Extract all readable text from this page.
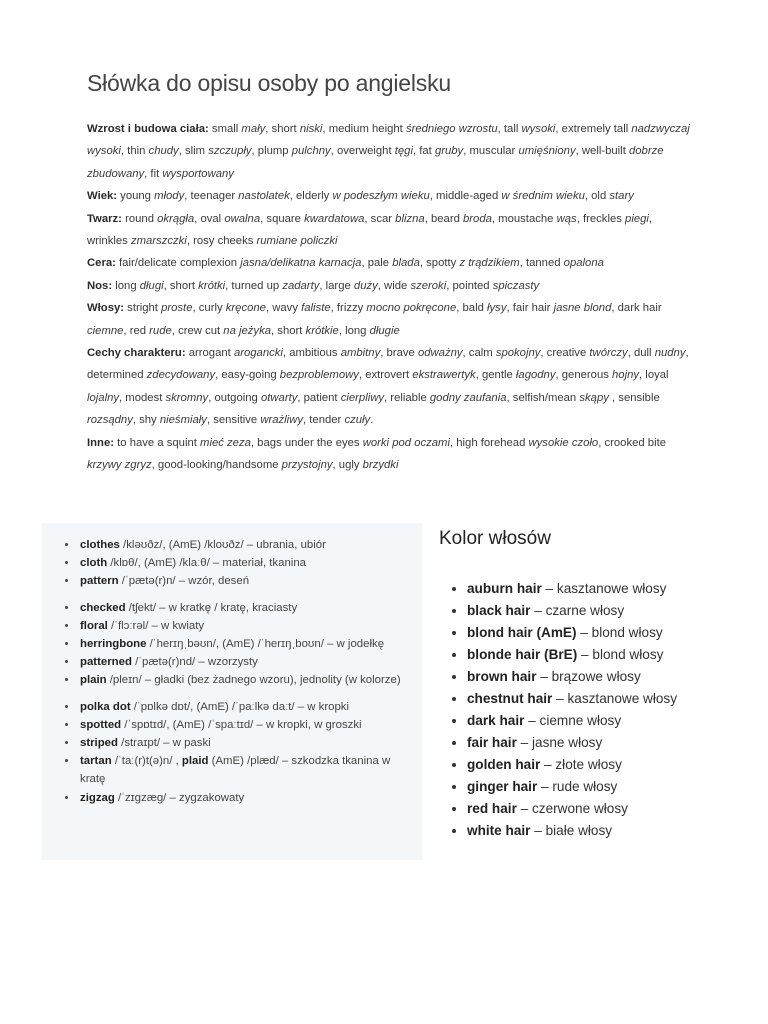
Słówka do opisu osoby po angielsku

Wzrost i budowa ciała: small mały, short niski, medium height średniego wzrostu, tall wysoki, extremely tall nadzwyczaj wysoki, thin chudy, slim szczupły, plump pulchny, overweight tęgi, fat gruby, muscular umięśniony, well-built dobrze zbudowany, fit wysportowany

Wiek: young młody, teenager nastolatek, elderly w podeszłym wieku, middle-aged w średnim wieku, old stary

Twarz: round okrągła, oval owalna, square kwardatowa, scar blizna, beard broda, moustache wąs, freckles piegi, wrinkles zmarszczki, rosy cheeks rumiane policzki

Cera: fair/delicate complexion jasna/delikatna karnacja, pale blada, spotty z trądzikiem, tanned opalona

Nos: long długi, short krótki, turned up zadarty, large duży, wide szeroki, pointed spiczasty

Włosy: stright proste, curly kręcone, wavy faliste, frizzy mocno pokręcone, bald łysy, fair hair jasne blond, dark hair ciemne, red rude, crew cut na jeżyka, short krótkie, long długie

Cechy charakteru: arrogant arogancki, ambitious ambitny, brave odważny, calm spokojny, creative twórczy, dull nudny, determined zdecydowany, easy-going bezproblemowy, extrovert ekstrawertyk, gentle łagodny, generous hojny, loyal lojalny, modest skromny, outgoing otwarty, patient cierpliwy, reliable godny zaufania, selfish/mean skąpy , sensible rozsądny, shy nieśmiały, sensitive wrażliwy, tender czuły.

Inne: to have a squint mieć zeza, bags under the eyes worki pod oczami, high forehead wysokie czoło, crooked bite krzywy zgryz, good-looking/handsome przystojny, ugly brzydki

• clothes /kləʊðz/, (AmE) /kloʊðz/ – ubrania, ubiór
• cloth /klɒθ/, (AmE) /klaːθ/ – materiał, tkanina
• pattern /ˈpætə(r)n/ – wzór, deseń
• checked /tʃekt/ – w kratkę / kratę, kraciasty
• floral /ˈflɔːrəl/ – w kwiaty
• herringbone /ˈherɪŋˌbəʊn/, (AmE) /ˈherɪŋˌboʊn/ – w jodełkę
• patterned /ˈpætə(r)nd/ – wzorzysty
• plain /pleɪn/ – gładki (bez żadnego wzoru), jednolity (w kolorze)
• polka dot /ˈpɒlkə dɒt/, (AmE) /ˈpaːlkə daːt/ – w kropki
• spotted /ˈspɒtɪd/, (AmE) /ˈspaːtɪd/ – w kropki, w groszki
• striped /straɪpt/ – w paski
• tartan /ˈtaː(r)t(ə)n/ , plaid (AmE) /plæd/ – szkodzka tkanina w kratę
• zigzag /ˈzɪɡzæɡ/ – zygzakowaty
Kolor włosów
• auburn hair – kasztanowe włosy
• black hair – czarne włosy
• blond hair (AmE) – blond włosy
• blonde hair (BrE) – blond włosy
• brown hair – brązowe włosy
• chestnut hair – kasztanowe włosy
• dark hair – ciemne włosy
• fair hair – jasne włosy
• golden hair – złote włosy
• ginger hair – rude włosy
• red hair – czerwone włosy
• white hair – białe włosy
